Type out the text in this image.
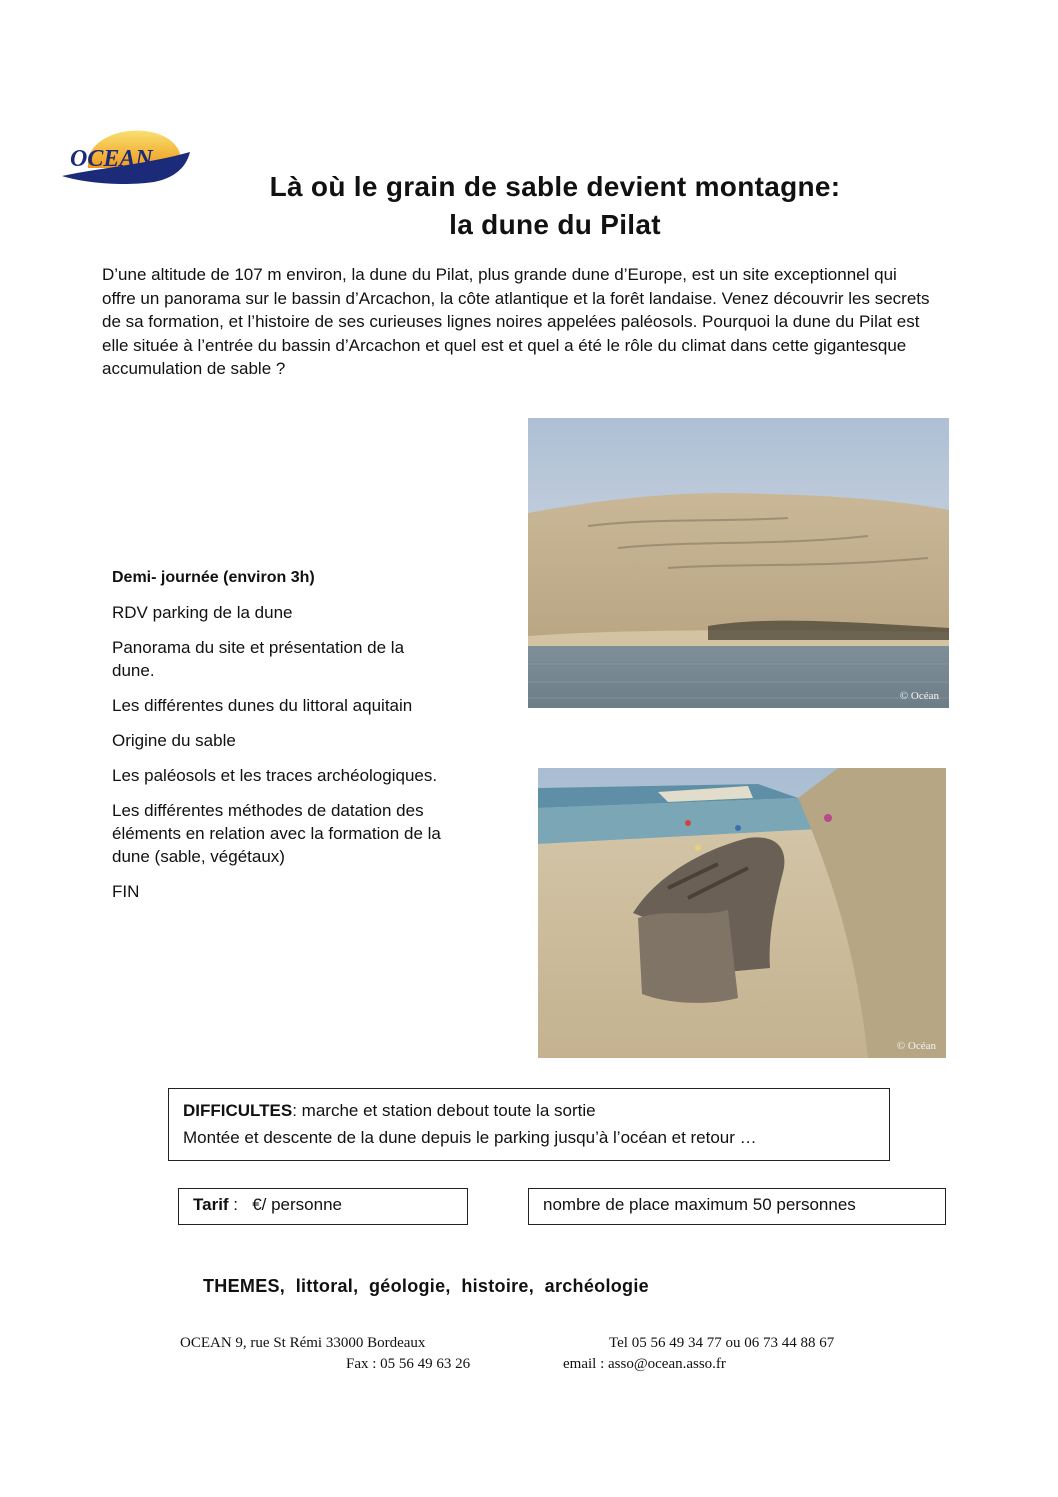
OCEAN
Là où le grain de sable devient montagne:
la dune du Pilat

D’une altitude de 107 m environ, la dune du Pilat, plus grande dune d’Europe, est un site exceptionnel qui offre un panorama sur le bassin d’Arcachon, la côte atlantique et la forêt landaise. Venez découvrir les secrets de sa formation, et l’histoire de ses curieuses lignes noires appelées paléosols. Pourquoi la dune du Pilat est elle située à l’entrée du bassin d’Arcachon et quel est et quel a été le rôle du climat dans cette gigantesque accumulation de sable ?

© Océan
Demi- journée (environ 3h)
RDV parking de la dune
Panorama du site et présentation de la dune.
Les différentes dunes du littoral aquitain
Origine du sable
Les paléosols et les traces archéologiques.
Les différentes méthodes de datation des éléments en relation avec la formation de la dune (sable, végétaux)
FIN
© Océan
DIFFICULTES: marche et station debout toute la sortie
Montée et descente de la dune depuis le parking jusqu’à l’océan et retour …
Tarif :   €/ personne	nombre de place maximum 50 personnes
THEMES,  littoral,  géologie,  histoire,  archéologie
OCEAN 9, rue St Rémi 33000 Bordeaux	Tel 05 56 49 34 77 ou 06 73 44 88 67
Fax : 05 56 49 63 26	email : asso@ocean.asso.fr
